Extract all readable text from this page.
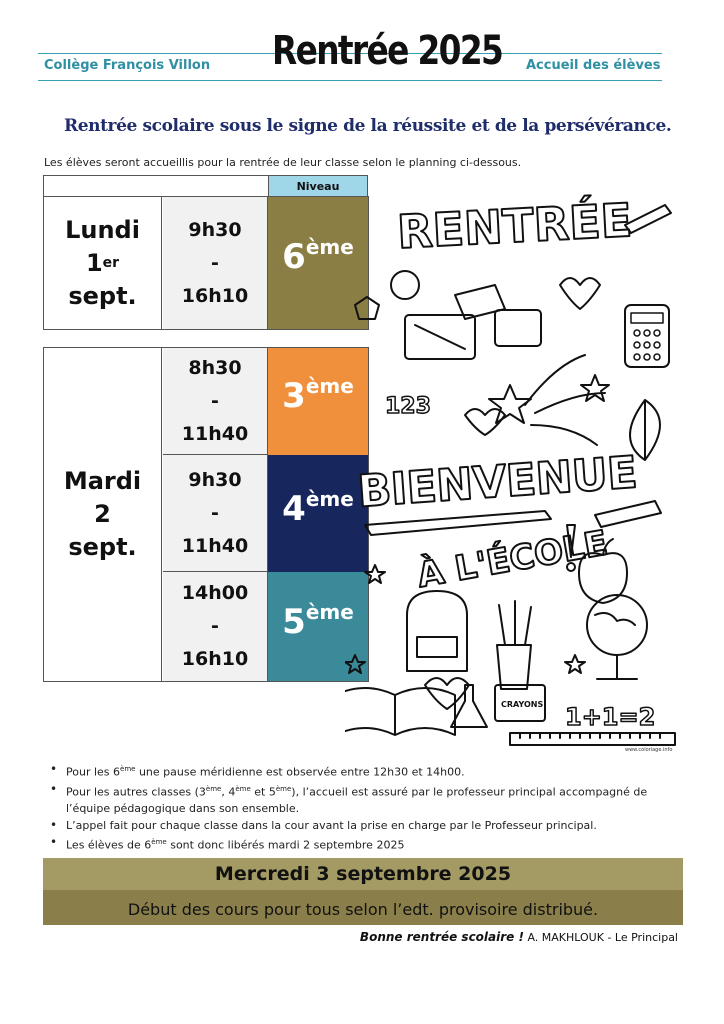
Collège François Villon Rentrée 2025 Accueil des élèves
Rentrée scolaire sous le signe de la réussite et de la persévérance.
Les élèves seront accueillis pour la rentrée de leur classe selon le planning ci-dessous.
Niveau
Lundi
1er
sept.
9h30
-
16h10
6ème
Mardi
2
sept.
8h30
-
11h40
3ème
9h30
-
11h40
4ème
14h00
-
16h10
5ème
RENTRÉE
123
BIENVENUE
À L'ÉCOLE
CRAYONS 1+1=2
www.coloriage.info
• Pour les 6ème une pause méridienne est observée entre 12h30 et 14h00.
• Pour les autres classes (3ème, 4ème et 5ème), l’accueil est assuré par le professeur principal accompagné de l’équipe pédagogique dans son ensemble.
• L’appel fait pour chaque classe dans la cour avant la prise en charge par le Professeur principal.
• Les élèves de 6ème sont donc libérés mardi 2 septembre 2025
Mercredi 3 septembre 2025
Début des cours pour tous selon l’edt. provisoire distribué.
Bonne rentrée scolaire ! A. MAKHLOUK - Le Principal
